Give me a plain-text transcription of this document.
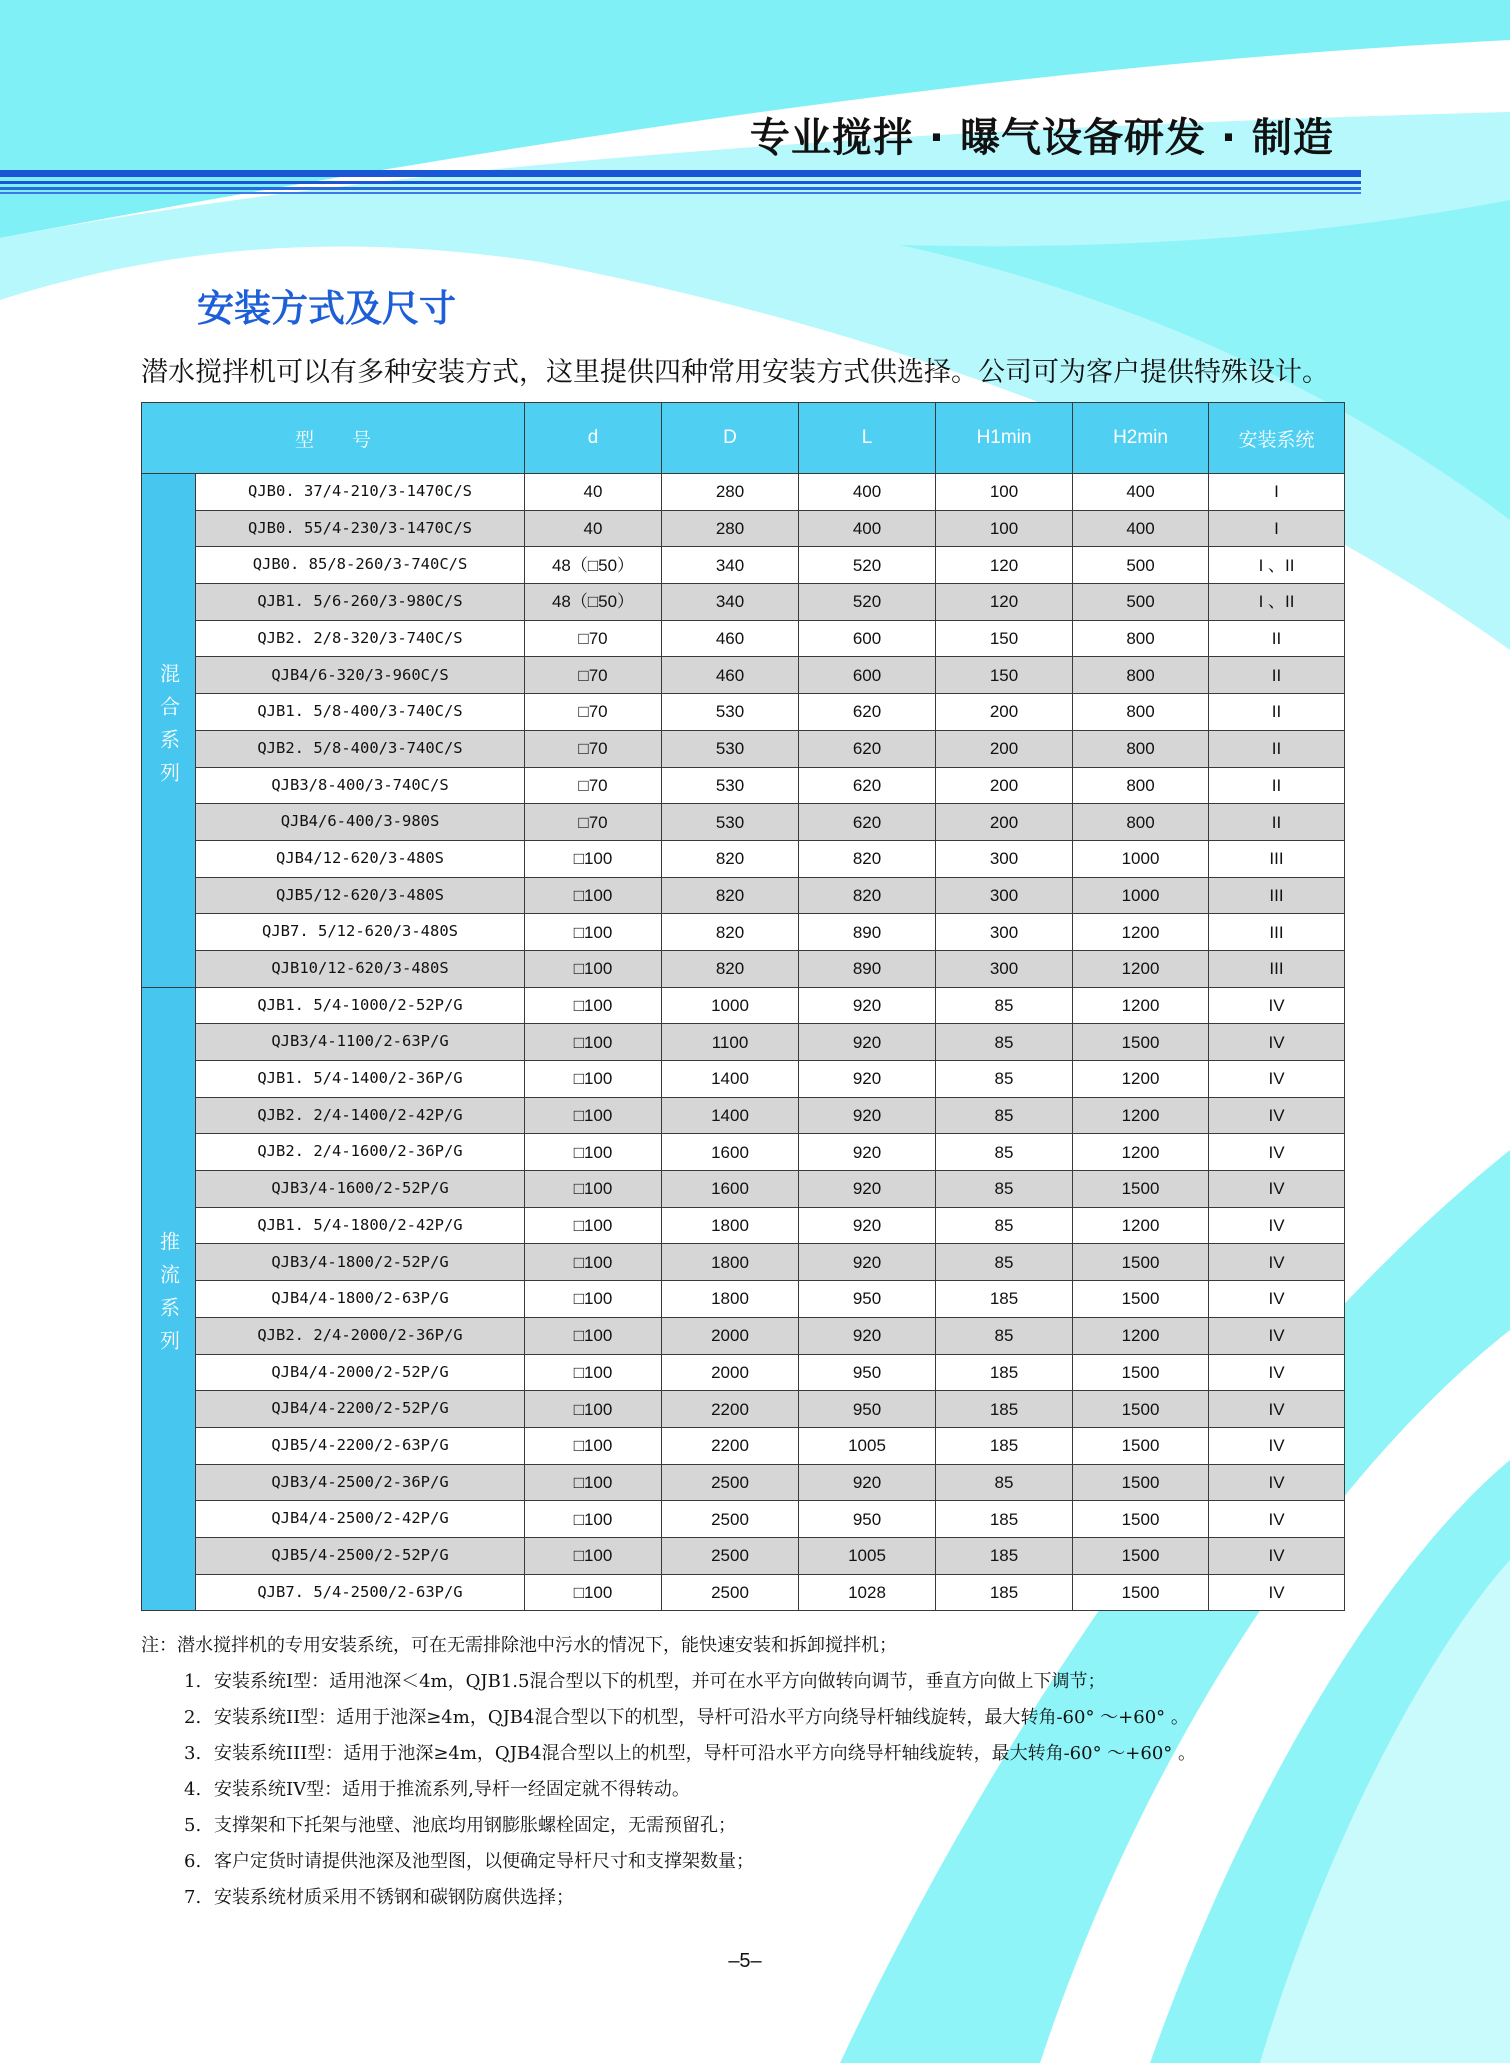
专业搅拌 · 曝气设备研发 · 制造
安装方式及尺寸
潜水搅拌机可以有多种安装方式，这里提供四种常用安装方式供选择。公司可为客户提供特殊设计。
型　　号		d	D	L	H1min	H2min	安装系统
混合系列	QJB0. 37/4-210/3-1470C/S	40	280	400	100	400	I
	QJB0. 55/4-230/3-1470C/S	40	280	400	100	400	I
	QJB0. 85/8-260/3-740C/S	48（□50）	340	520	120	500	I 、II
	QJB1. 5/6-260/3-980C/S	48（□50）	340	520	120	500	I 、II
	QJB2. 2/8-320/3-740C/S	□70	460	600	150	800	II
	QJB4/6-320/3-960C/S	□70	460	600	150	800	II
	QJB1. 5/8-400/3-740C/S	□70	530	620	200	800	II
	QJB2. 5/8-400/3-740C/S	□70	530	620	200	800	II
	QJB3/8-400/3-740C/S	□70	530	620	200	800	II
	QJB4/6-400/3-980S	□70	530	620	200	800	II
	QJB4/12-620/3-480S	□100	820	820	300	1000	III
	QJB5/12-620/3-480S	□100	820	820	300	1000	III
	QJB7. 5/12-620/3-480S	□100	820	890	300	1200	III
	QJB10/12-620/3-480S	□100	820	890	300	1200	III
推流系列	QJB1. 5/4-1000/2-52P/G	□100	1000	920	85	1200	IV
	QJB3/4-1100/2-63P/G	□100	1100	920	85	1500	IV
	QJB1. 5/4-1400/2-36P/G	□100	1400	920	85	1200	IV
	QJB2. 2/4-1400/2-42P/G	□100	1400	920	85	1200	IV
	QJB2. 2/4-1600/2-36P/G	□100	1600	920	85	1200	IV
	QJB3/4-1600/2-52P/G	□100	1600	920	85	1500	IV
	QJB1. 5/4-1800/2-42P/G	□100	1800	920	85	1200	IV
	QJB3/4-1800/2-52P/G	□100	1800	920	85	1500	IV
	QJB4/4-1800/2-63P/G	□100	1800	950	185	1500	IV
	QJB2. 2/4-2000/2-36P/G	□100	2000	920	85	1200	IV
	QJB4/4-2000/2-52P/G	□100	2000	950	185	1500	IV
	QJB4/4-2200/2-52P/G	□100	2200	950	185	1500	IV
	QJB5/4-2200/2-63P/G	□100	2200	1005	185	1500	IV
	QJB3/4-2500/2-36P/G	□100	2500	920	85	1500	IV
	QJB4/4-2500/2-42P/G	□100	2500	950	185	1500	IV
	QJB5/4-2500/2-52P/G	□100	2500	1005	185	1500	IV
	QJB7. 5/4-2500/2-63P/G	□100	2500	1028	185	1500	IV
注：潜水搅拌机的专用安装系统，可在无需排除池中污水的情况下，能快速安装和拆卸搅拌机；
1. 安装系统I型：适用池深＜4m，QJB1.5混合型以下的机型，并可在水平方向做转向调节，垂直方向做上下调节；
2. 安装系统II型：适用于池深≥4m，QJB4混合型以下的机型，导杆可沿水平方向绕导杆轴线旋转，最大转角-60° ～+60° 。
3. 安装系统III型：适用于池深≥4m，QJB4混合型以上的机型，导杆可沿水平方向绕导杆轴线旋转，最大转角-60° ～+60° 。
4. 安装系统IV型：适用于推流系列,导杆一经固定就不得转动。
5. 支撑架和下托架与池壁、池底均用钢膨胀螺栓固定，无需预留孔；
6. 客户定货时请提供池深及池型图，以便确定导杆尺寸和支撑架数量；
7. 安装系统材质采用不锈钢和碳钢防腐供选择；
–5–
